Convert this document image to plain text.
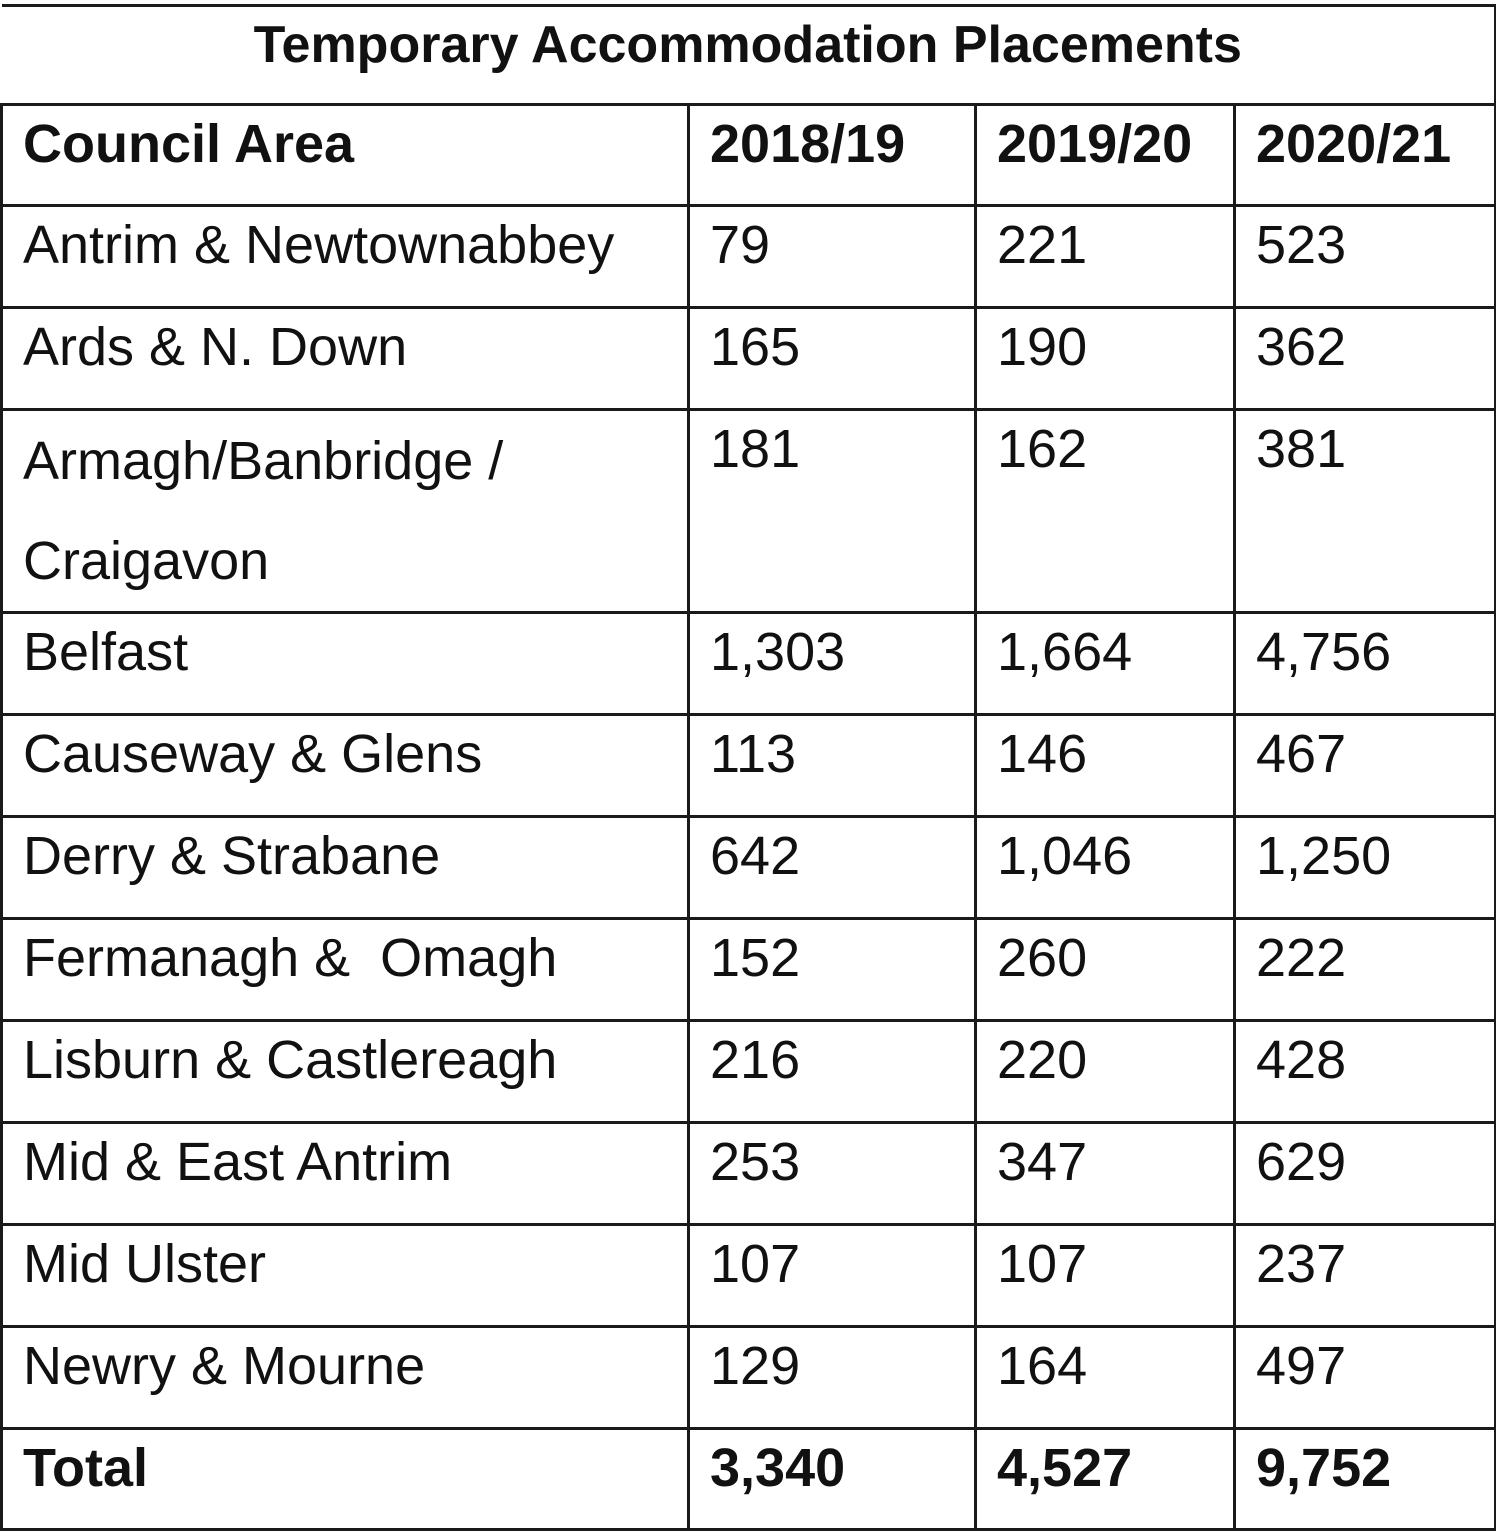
Temporary Accommodation Placements			
Council Area	2018/19	2019/20	2020/21
Antrim & Newtownabbey	79	221	523
Ards & N. Down	165	190	362
Armagh/Banbridge / Craigavon	181	162	381
Belfast	1,303	1,664	4,756
Causeway & Glens	113	146	467
Derry & Strabane	642	1,046	1,250
Fermanagh &  Omagh	152	260	222
Lisburn & Castlereagh	216	220	428
Mid & East Antrim	253	347	629
Mid Ulster	107	107	237
Newry & Mourne	129	164	497
Total	3,340	4,527	9,752
